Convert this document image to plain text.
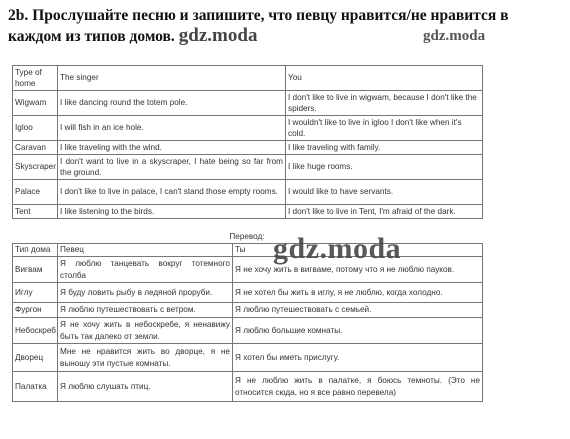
2b. Прослушайте песню и запишите, что певцу нравится/не нравится в каждом из типов домов. gdz.moda	gdz.moda
Type of home	The singer	You
Wigwam	I like dancing round the totem pole.	I don't like to live in wigwam, because I don't like the spiders.
Igloo	I will fish in an ice hole.	I wouldn't like to live in igloo I don't like when it's cold.
Caravan	I like traveling with the wind.	I like traveling with family.
Skyscraper	I don't want to live in a skyscraper, I hate being so far from the ground.	I like huge rooms.
Palace	I don't like to live in palace, I can't stand those empty rooms.	I would like to have servants.
Tent	I like listening to the birds.	I don't like to live in Tent, I'm afraid of the dark.
Перевод: gdz.moda
Тип дома	Певец	Ты
Вигвам	Я люблю танцевать вокруг тотемного столба	Я не хочу жить в вигваме, потому что я не люблю пауков.
Иглу	Я буду ловить рыбу в ледяной проруби.	Я не хотел бы жить в иглу, я не люблю, когда холодно.
Фургон	Я люблю путешествовать с ветром.	Я люблю путешествовать с семьей.
Небоскреб	Я не хочу жить в небоскребе, я ненавижу быть так далеко от земли.	Я люблю большие комнаты.
Дворец	Мне не нравится жить во дворце, я не выношу эти пустые комнаты.	Я хотел бы иметь прислугу.
Палатка	Я люблю слушать птиц.	Я не люблю жить в палатке, я боюсь темноты. (Это не относится сюда, но я все равно перевела)
